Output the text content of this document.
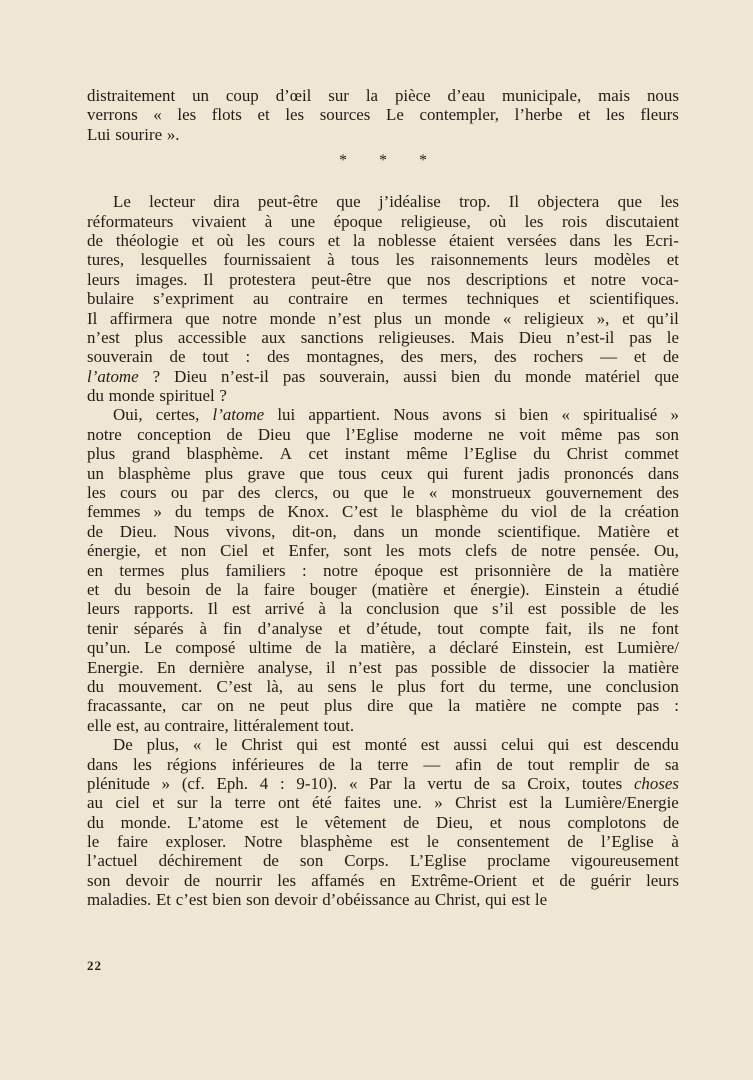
distraitement un coup d’œil sur la pièce d’eau municipale, mais nous
verrons « les flots et les sources Le contempler, l’herbe et les fleurs
Lui sourire ».
* * *
Le lecteur dira peut-être que j’idéalise trop. Il objectera que les
réformateurs vivaient à une époque religieuse, où les rois discutaient
de théologie et où les cours et la noblesse étaient versées dans les Ecri-
tures, lesquelles fournissaient à tous les raisonnements leurs modèles et
leurs images. Il protestera peut-être que nos descriptions et notre voca-
bulaire s’expriment au contraire en termes techniques et scientifiques.
Il affirmera que notre monde n’est plus un monde « religieux », et qu’il
n’est plus accessible aux sanctions religieuses. Mais Dieu n’est-il pas le
souverain de tout : des montagnes, des mers, des rochers — et de
l’atome ? Dieu n’est-il pas souverain, aussi bien du monde matériel que
du monde spirituel ?
Oui, certes, l’atome lui appartient. Nous avons si bien « spiritualisé »
notre conception de Dieu que l’Eglise moderne ne voit même pas son
plus grand blasphème. A cet instant même l’Eglise du Christ commet
un blasphème plus grave que tous ceux qui furent jadis prononcés dans
les cours ou par des clercs, ou que le « monstrueux gouvernement des
femmes » du temps de Knox. C’est le blasphème du viol de la création
de Dieu. Nous vivons, dit-on, dans un monde scientifique. Matière et
énergie, et non Ciel et Enfer, sont les mots clefs de notre pensée. Ou,
en termes plus familiers : notre époque est prisonnière de la matière
et du besoin de la faire bouger (matière et énergie). Einstein a étudié
leurs rapports. Il est arrivé à la conclusion que s’il est possible de les
tenir séparés à fin d’analyse et d’étude, tout compte fait, ils ne font
qu’un. Le composé ultime de la matière, a déclaré Einstein, est Lumière/
Energie. En dernière analyse, il n’est pas possible de dissocier la matière
du mouvement. C’est là, au sens le plus fort du terme, une conclusion
fracassante, car on ne peut plus dire que la matière ne compte pas :
elle est, au contraire, littéralement tout.
De plus, « le Christ qui est monté est aussi celui qui est descendu
dans les régions inférieures de la terre — afin de tout remplir de sa
plénitude » (cf. Eph. 4 : 9-10). « Par la vertu de sa Croix, toutes choses
au ciel et sur la terre ont été faites une. » Christ est la Lumière/Energie
du monde. L’atome est le vêtement de Dieu, et nous complotons de
le faire exploser. Notre blasphème est le consentement de l’Eglise à
l’actuel déchirement de son Corps. L’Eglise proclame vigoureusement
son devoir de nourrir les affamés en Extrême-Orient et de guérir leurs
maladies. Et c’est bien son devoir d’obéissance au Christ, qui est le
22
